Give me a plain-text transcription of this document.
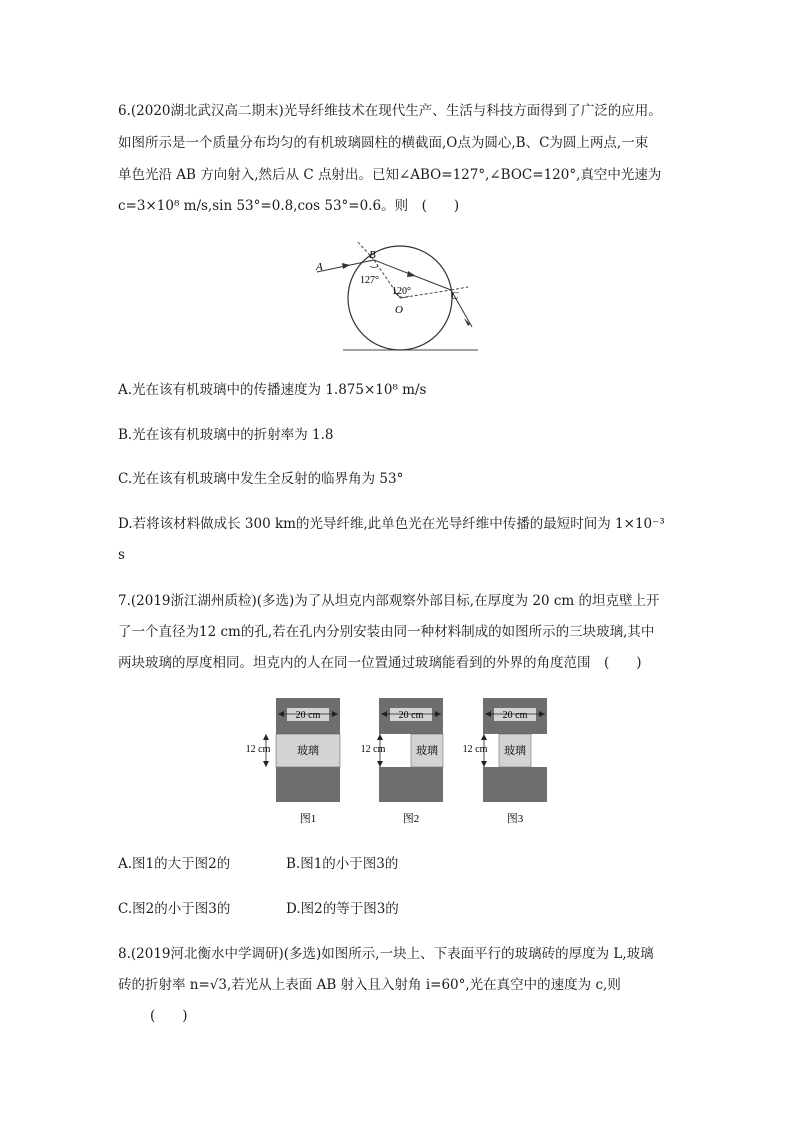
6.(2020湖北武汉高二期末)光导纤维技术在现代生产、生活与科技方面得到了广泛的应用。
如图所示是一个质量分布均匀的有机玻璃圆柱的横截面,O点为圆心,B、C为圆上两点,一束
单色光沿 AB 方向射入,然后从 C 点射出。已知∠ABO=127°,∠BOC=120°,真空中光速为
c=3×10⁸ m/s,sin 53°=0.8,cos 53°=0.6。则　(　　)
A
B
C
O
127°
120°
A.光在该有机玻璃中的传播速度为 1.875×10⁸ m/s
B.光在该有机玻璃中的折射率为 1.8
C.光在该有机玻璃中发生全反射的临界角为 53°
D.若将该材料做成长 300 km的光导纤维,此单色光在光导纤维中传播的最短时间为 1×10⁻³
s
7.(2019浙江湖州质检)(多选)为了从坦克内部观察外部目标,在厚度为 20 cm 的坦克壁上开
了一个直径为12 cm的孔,若在孔内分别安装由同一种材料制成的如图所示的三块玻璃,其中
两块玻璃的厚度相同。坦克内的人在同一位置通过玻璃能看到的外界的角度范围　(　　)
20 cm
12 cm 玻璃
图1
20 cm
12 cm	玻璃
图2
20 cm
12 cm 玻璃
图3
A.图1的大于图2的	B.图1的小于图3的
C.图2的小于图3的	D.图2的等于图3的
8.(2019河北衡水中学调研)(多选)如图所示,一块上、下表面平行的玻璃砖的厚度为 L,玻璃
砖的折射率 n=√3,若光从上表面 AB 射入且入射角 i=60°,光在真空中的速度为 c,则
(　　)
